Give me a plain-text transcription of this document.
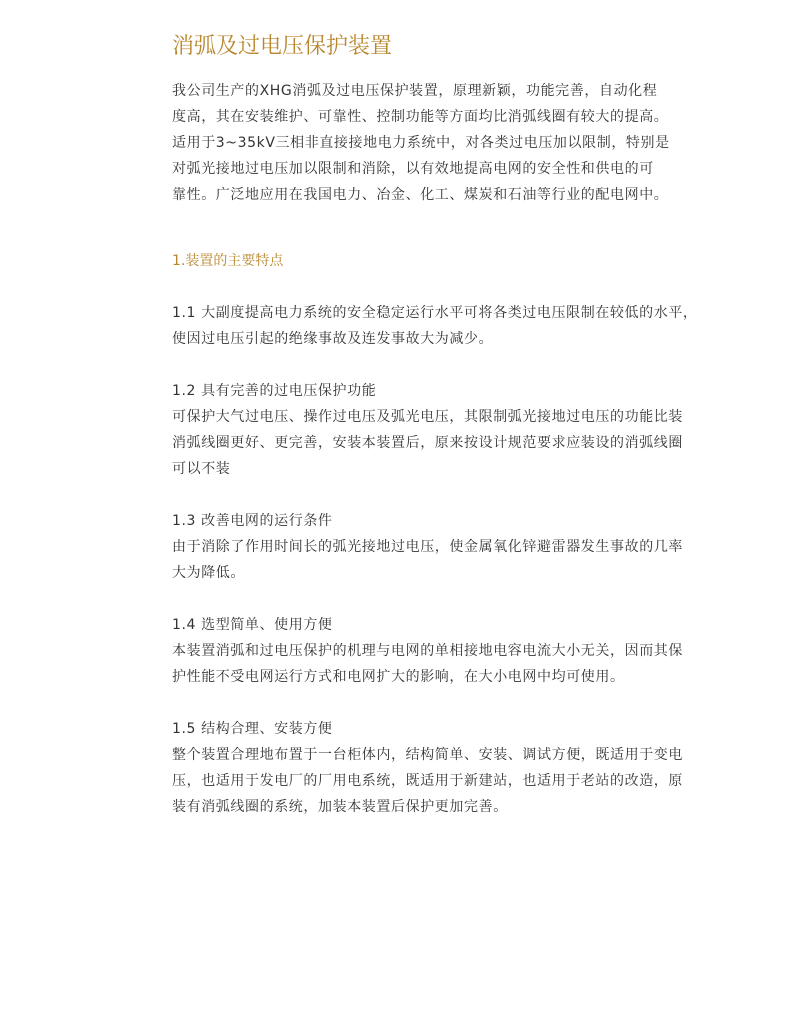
消弧及过电压保护装置
我公司生产的XHG消弧及过电压保护装置，原理新颖，功能完善，自动化程
度高，其在安装维护、可靠性、控制功能等方面均比消弧线圈有较大的提高。
适用于3~35kV三相非直接接地电力系统中，对各类过电压加以限制，特别是
对弧光接地过电压加以限制和消除，以有效地提高电网的安全性和供电的可
靠性。广泛地应用在我国电力、冶金、化工、煤炭和石油等行业的配电网中。
1.装置的主要特点

1.1 大副度提高电力系统的安全稳定运行水平可将各类过电压限制在较低的水平，

使因过电压引起的绝缘事故及连发事故大为减少。

1.2 具有完善的过电压保护功能

可保护大气过电压、操作过电压及弧光电压，其限制弧光接地过电压的功能比装
消弧线圈更好、更完善，安装本装置后，原来按设计规范要求应装设的消弧线圈
可以不装

1.3 改善电网的运行条件

由于消除了作用时间长的弧光接地过电压，使金属氧化锌避雷器发生事故的几率
大为降低。

1.4 选型简单、使用方便

本装置消弧和过电压保护的机理与电网的单相接地电容电流大小无关，因而其保
护性能不受电网运行方式和电网扩大的影响，在大小电网中均可使用。

1.5 结构合理、安装方便

整个装置合理地布置于一台柜体内，结构简单、安装、调试方便，既适用于变电
压，也适用于发电厂的厂用电系统，既适用于新建站，也适用于老站的改造，原
装有消弧线圈的系统，加装本装置后保护更加完善。
